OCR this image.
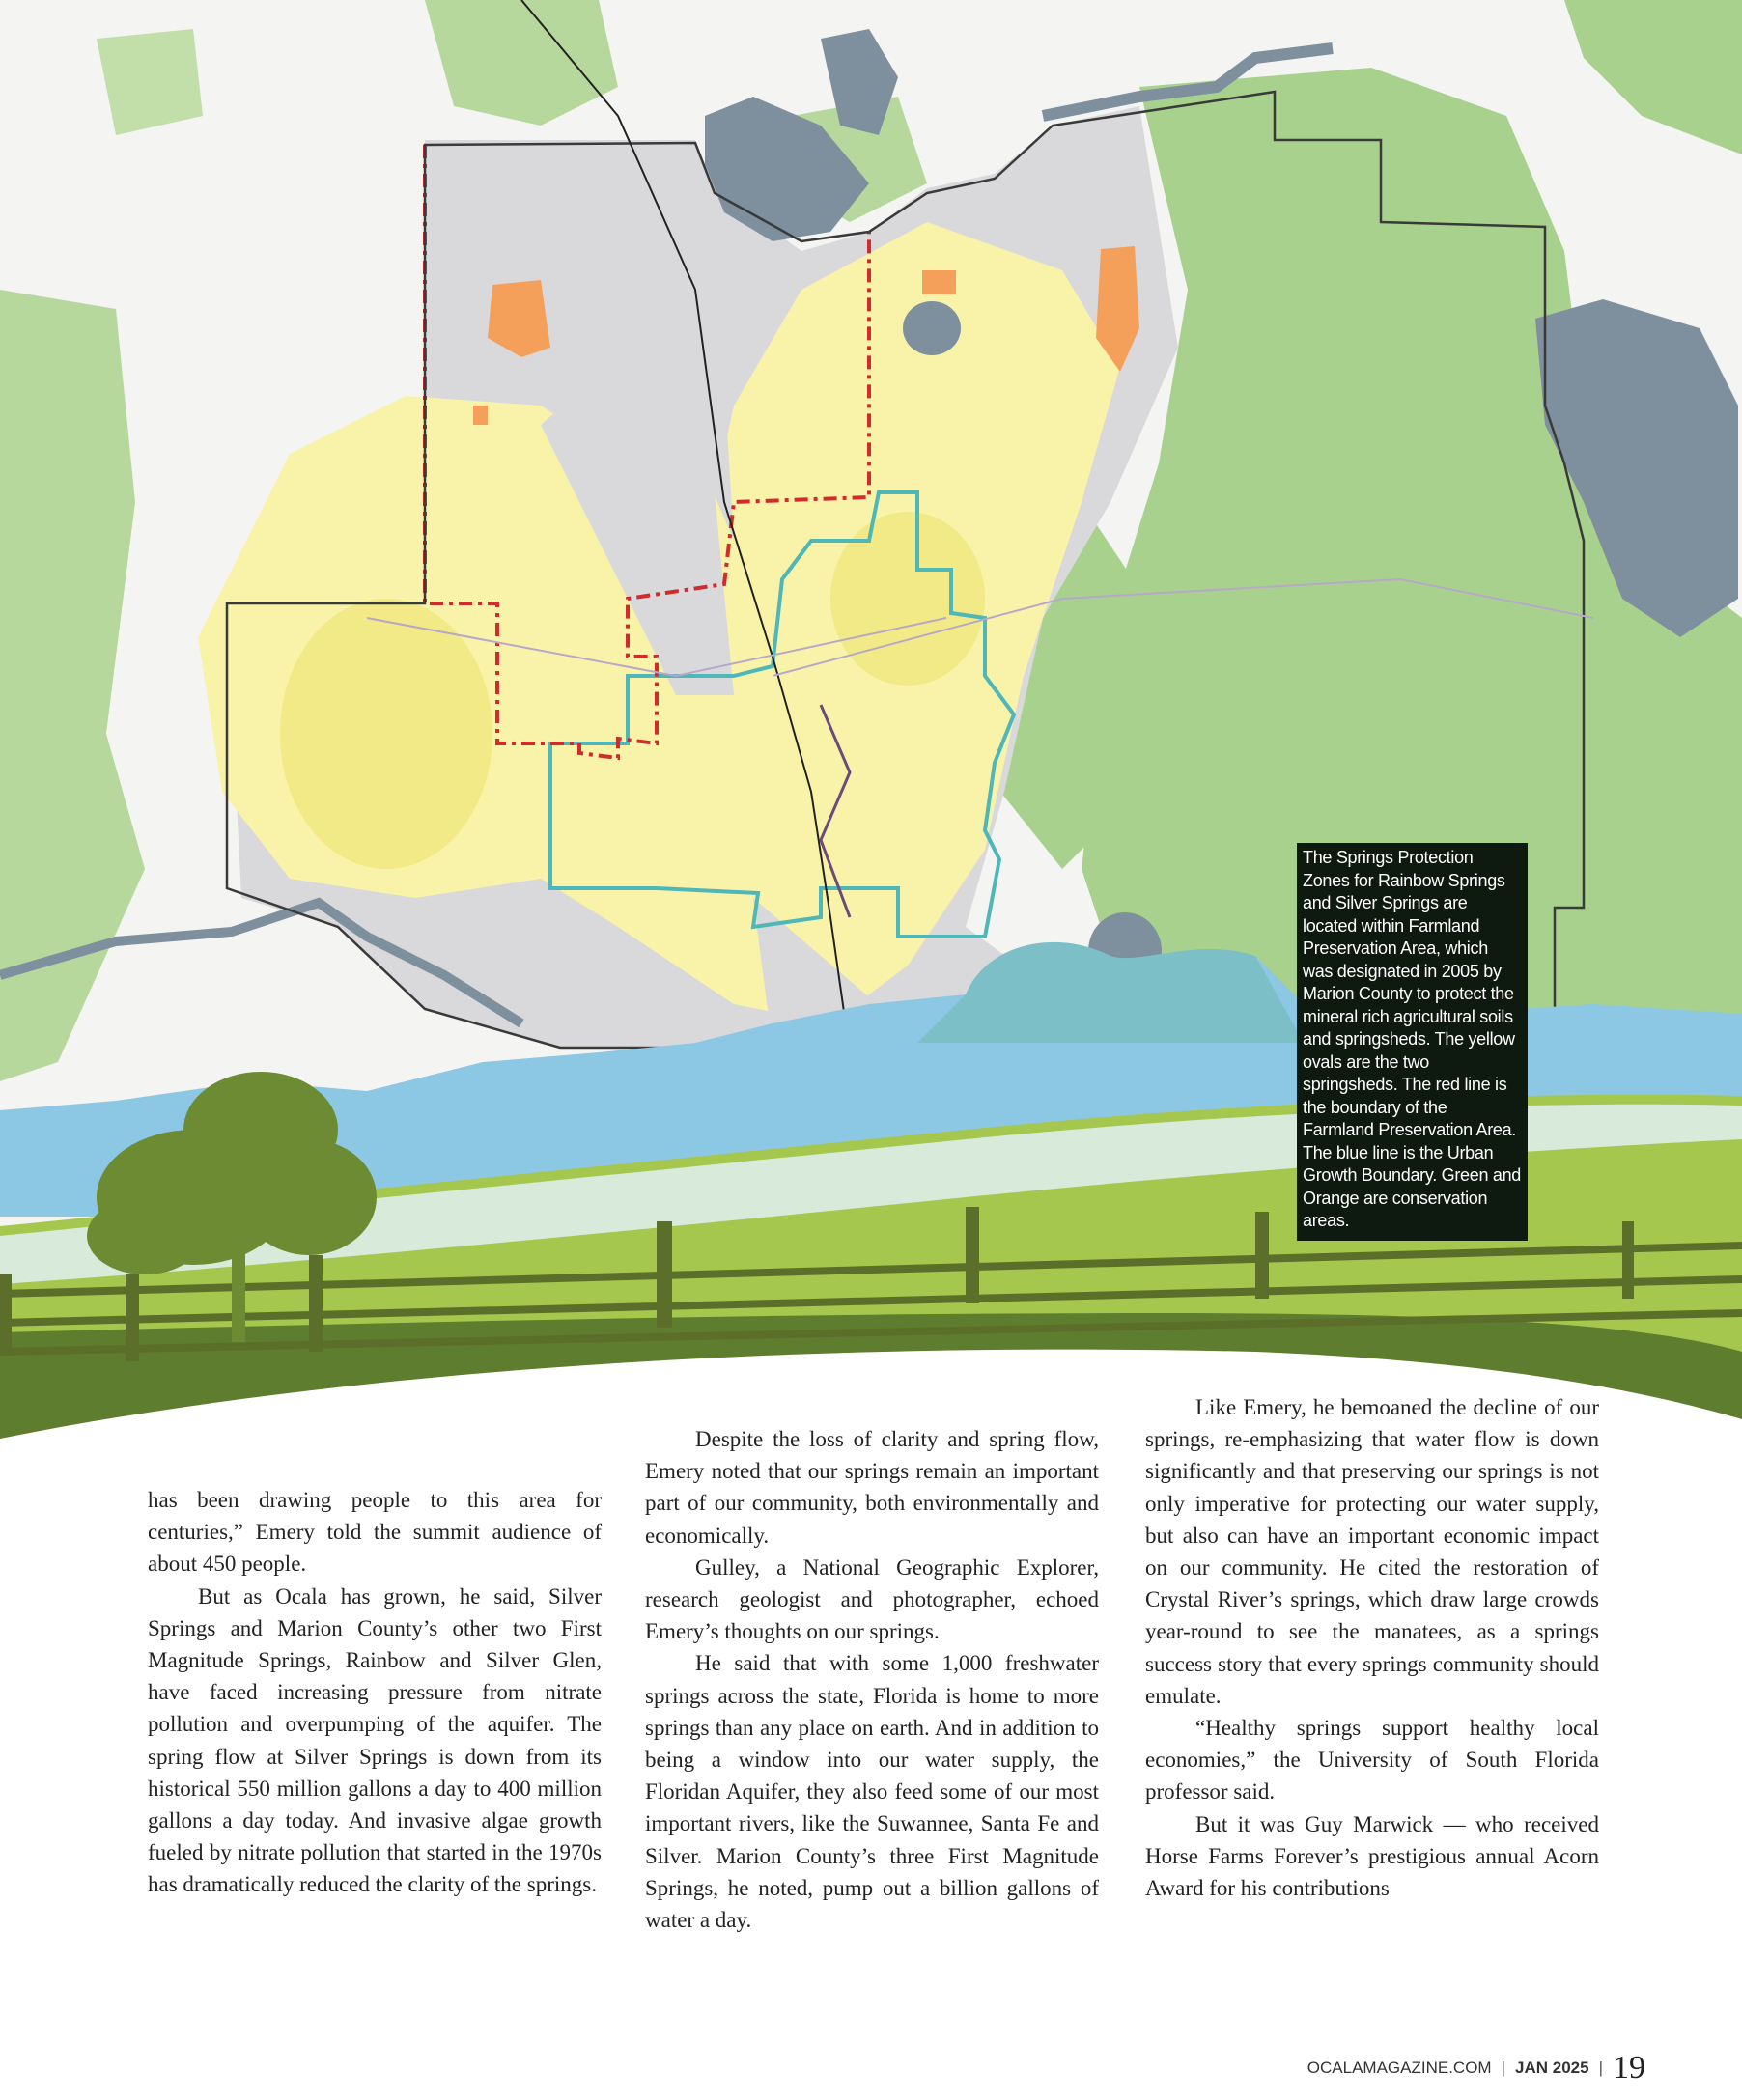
The Springs Protection Zones for Rainbow Springs and Silver Springs are located within Farmland Preservation Area, which was designated in 2005 by Marion County to protect the mineral rich agricultural soils and springsheds. The yellow ovals are the two springsheds. The red line is the boundary of the Farmland Preservation Area. The blue line is the Urban Growth Boundary. Green and Orange are conservation areas.

has been drawing people to this area for centuries,” Emery told the summit audience of about 450 people.

But as Ocala has grown, he said, Silver Springs and Marion County’s other two First Magnitude Springs, Rainbow and Silver Glen, have faced increasing pressure from nitrate pollution and overpumping of the aquifer. The spring flow at Silver Springs is down from its historical 550 million gallons a day to 400 million gallons a day today. And invasive algae growth fueled by nitrate pollution that started in the 1970s has dramatically reduced the clarity of the springs.

Despite the loss of clarity and spring flow, Emery noted that our springs remain an important part of our community, both environmentally and economically.

Gulley, a National Geographic Explorer, research geologist and photographer, echoed Emery’s thoughts on our springs.

He said that with some 1,000 freshwater springs across the state, Florida is home to more springs than any place on earth. And in addition to being a window into our water supply, the Floridan Aquifer, they also feed some of our most important rivers, like the Suwannee, Santa Fe and Silver. Marion County’s three First Magnitude Springs, he noted, pump out a billion gallons of water a day.

Like Emery, he bemoaned the decline of our springs, re-emphasizing that water flow is down significantly and that preserving our springs is not only imperative for protecting our water supply, but also can have an important economic impact on our community. He cited the restoration of Crystal River’s springs, which draw large crowds year-round to see the manatees, as a springs success story that every springs community should emulate.

“Healthy springs support healthy local economies,” the University of South Florida professor said.

But it was Guy Marwick — who received Horse Farms Forever’s prestigious annual Acorn Award for his contributions

OCALAMAGAZINE.COM | JAN 2025 | 19
